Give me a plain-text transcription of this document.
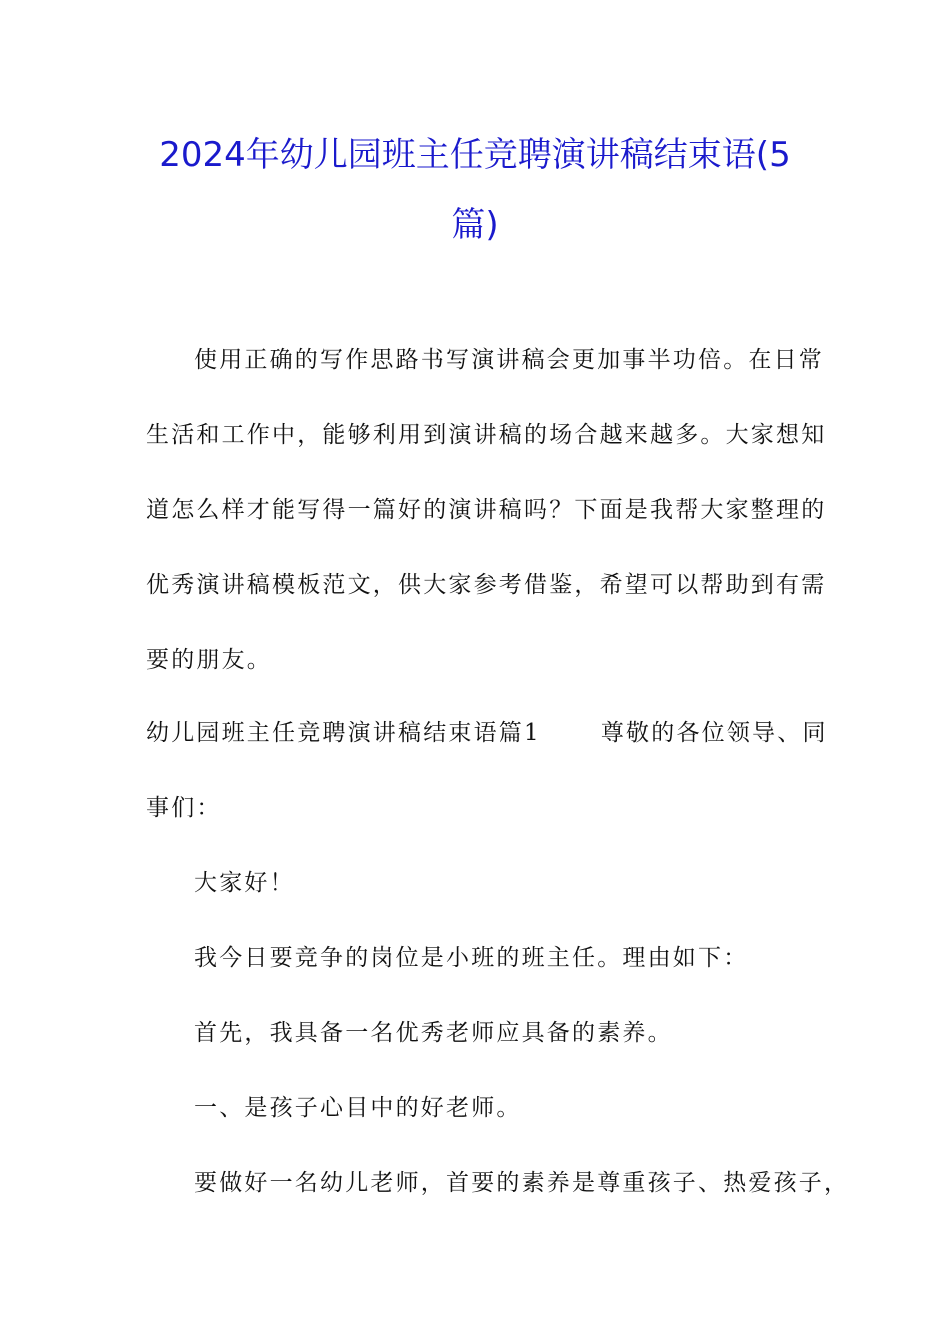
2024年幼儿园班主任竞聘演讲稿结束语(5
篇)

使用正确的写作思路书写演讲稿会更加事半功倍。在日常

生活和工作中，能够利用到演讲稿的场合越来越多。大家想知

道怎么样才能写得一篇好的演讲稿吗？下面是我帮大家整理的

优秀演讲稿模板范文，供大家参考借鉴，希望可以帮助到有需

要的朋友。

幼儿园班主任竞聘演讲稿结束语篇1	尊敬的各位领导、同

事们：

大家好！

我今日要竞争的岗位是小班的班主任。理由如下：

首先，我具备一名优秀老师应具备的素养。

一、是孩子心目中的好老师。

要做好一名幼儿老师，首要的素养是尊重孩子、热爱孩子，
